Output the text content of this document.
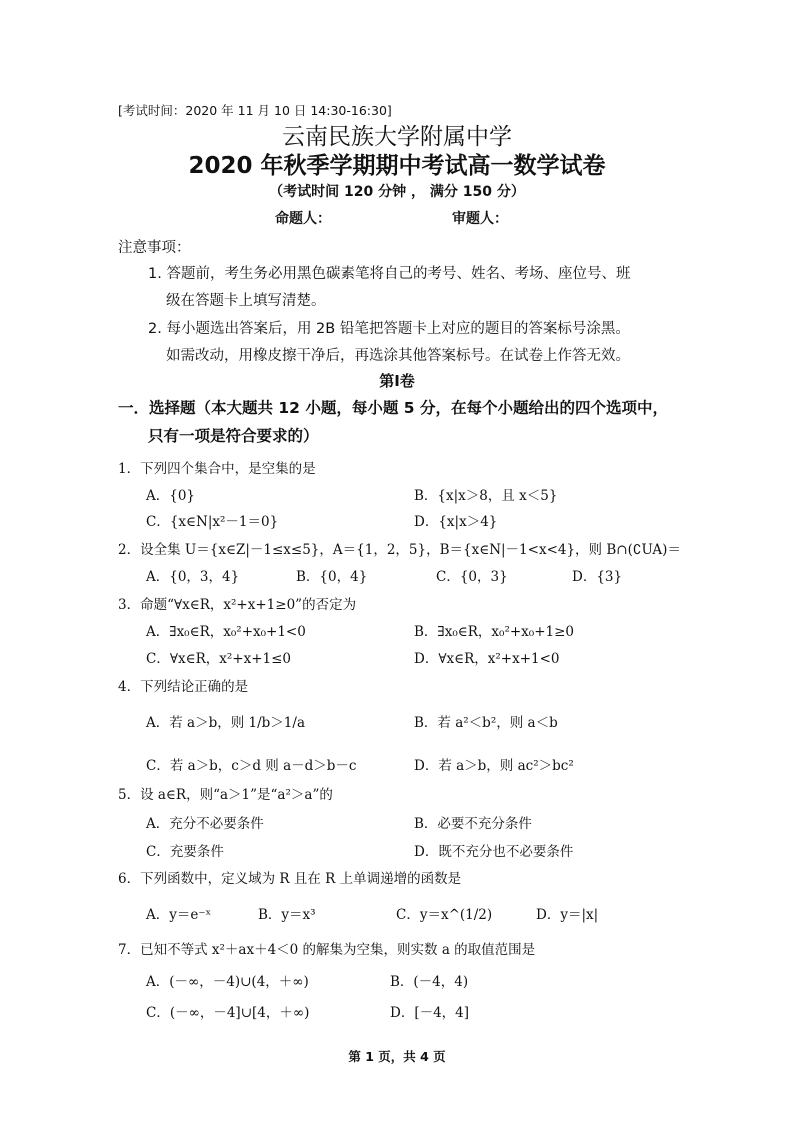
[考试时间：2020 年 11 月 10 日 14:30-16:30]
云南民族大学附属中学
2020 年秋季学期期中考试高一数学试卷
（考试时间 120 分钟 ， 满分 150 分）
命题人：	审题人：
注意事项：
1. 答题前，考生务必用黑色碳素笔将自己的考号、姓名、考场、座位号、班
级在答题卡上填写清楚。
2. 每小题选出答案后，用 2B 铅笔把答题卡上对应的题目的答案标号涂黑。
如需改动，用橡皮擦干净后，再选涂其他答案标号。在试卷上作答无效。
第Ⅰ卷
一．选择题（本大题共 12 小题，每小题 5 分，在每个小题给出的四个选项中，
只有一项是符合要求的）
1．下列四个集合中，是空集的是
A．{0}	B．{x|x＞8，且 x＜5}
C．{x∈N|x²－1＝0}	D．{x|x＞4}
2．设全集 U＝{x∈Z|－1≤x≤5}，A＝{1，2，5}，B＝{x∈N|－1<x<4}，则 B∩(∁UA)＝
A．{0，3，4}	B．{0，4}	C．{0，3}	D．{3}
3．命题“∀x∈R，x²+x+1≥0”的否定为
A．∃x₀∈R，x₀²+x₀+1<0	B．∃x₀∈R，x₀²+x₀+1≥0
C．∀x∈R，x²+x+1≤0	D．∀x∈R，x²+x+1<0
4．下列结论正确的是
A．若 a＞b，则 1/b＞1/a	B．若 a²＜b²，则 a＜b
C．若 a＞b，c＞d 则 a－d＞b－c	D．若 a＞b，则 ac²＞bc²
5．设 a∈R，则“a＞1”是“a²＞a”的
A．充分不必要条件	B．必要不充分条件
C．充要条件	D．既不充分也不必要条件
6．下列函数中，定义域为 R 且在 R 上单调递增的函数是
A．y＝e⁻ˣ	B．y＝x³	C．y＝x^(1/2)	D．y＝|x|
7．已知不等式 x²＋ax＋4＜0 的解集为空集，则实数 a 的取值范围是
A．(－∞，－4)∪(4，＋∞)	B．(－4，4)
C．(－∞，－4]∪[4，＋∞)	D．[－4，4]
第 1 页，共 4 页
